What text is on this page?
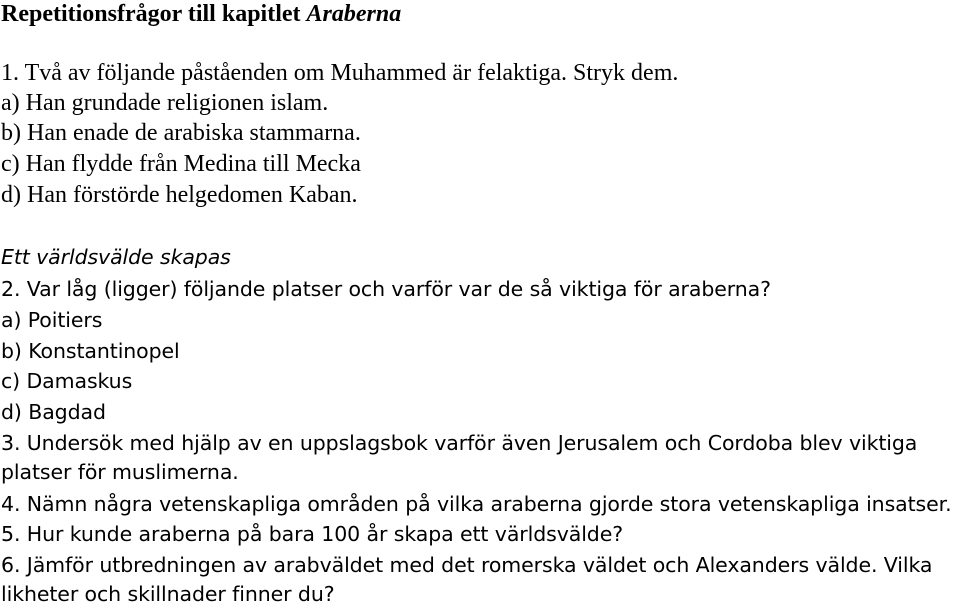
Repetitionsfrågor till kapitlet Araberna
1. Två av följande påståenden om Muhammed är felaktiga. Stryk dem.
a) Han grundade religionen islam.
b) Han enade de arabiska stammarna.
c) Han flydde från Medina till Mecka
d) Han förstörde helgedomen Kaban.
Ett världsvälde skapas
2. Var låg (ligger) följande platser och varför var de så viktiga för araberna?
a) Poitiers
b) Konstantinopel
c) Damaskus
d) Bagdad
3. Undersök med hjälp av en uppslagsbok varför även Jerusalem och Cordoba blev viktiga
platser för muslimerna.
4. Nämn några vetenskapliga områden på vilka araberna gjorde stora vetenskapliga insatser.
5. Hur kunde araberna på bara 100 år skapa ett världsvälde?
6. Jämför utbredningen av arabväldet med det romerska väldet och Alexanders välde. Vilka
likheter och skillnader finner du?
